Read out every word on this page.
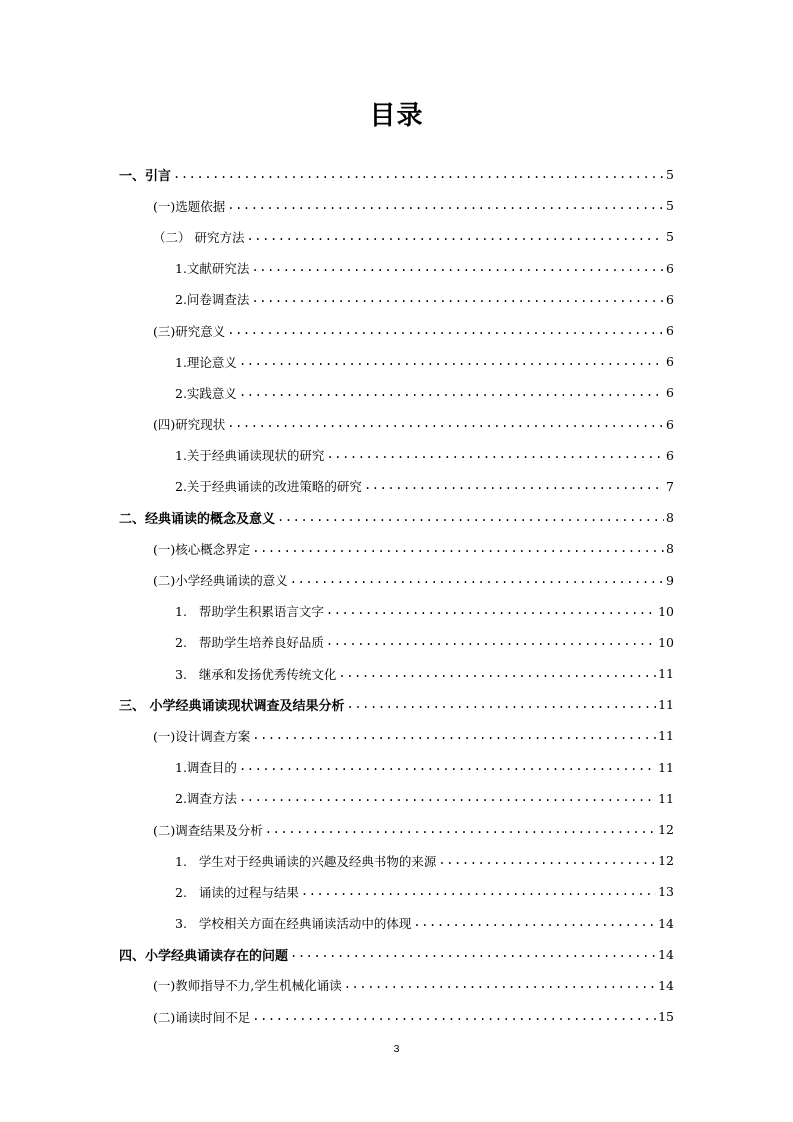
目录
一、引言 .....	5
(一)选题依据 .....	5
（二） 研究方法 .....	5
1.文献研究法 .....	6
2.问卷调查法 .....	6
(三)研究意义 .....	6
1.理论意义 .....	6
2.实践意义 .....	6
(四)研究现状 .....	6
1.关于经典诵读现状的研究 .....	6
2.关于经典诵读的改进策略的研究 .....	7
二、经典诵读的概念及意义 .....	8
(一)核心概念界定 .....	8
(二)小学经典诵读的意义 .....	9
1. 帮助学生积累语言文字 .....	10
2. 帮助学生培养良好品质 .....	10
3. 继承和发扬优秀传统文化 .....	11
三、 小学经典诵读现状调查及结果分析 .....	11
(一)设计调查方案 .....	11
1.调查目的 .....	11
2.调查方法 .....	11
(二)调查结果及分析 .....	12
1. 学生对于经典诵读的兴趣及经典书物的来源 .....	12
2. 诵读的过程与结果 .....	13
3. 学校相关方面在经典诵读活动中的体现 .....	14
四、小学经典诵读存在的问题 .....	14
(一)教师指导不力,学生机械化诵读 .....	14
(二)诵读时间不足 .....	15
3
